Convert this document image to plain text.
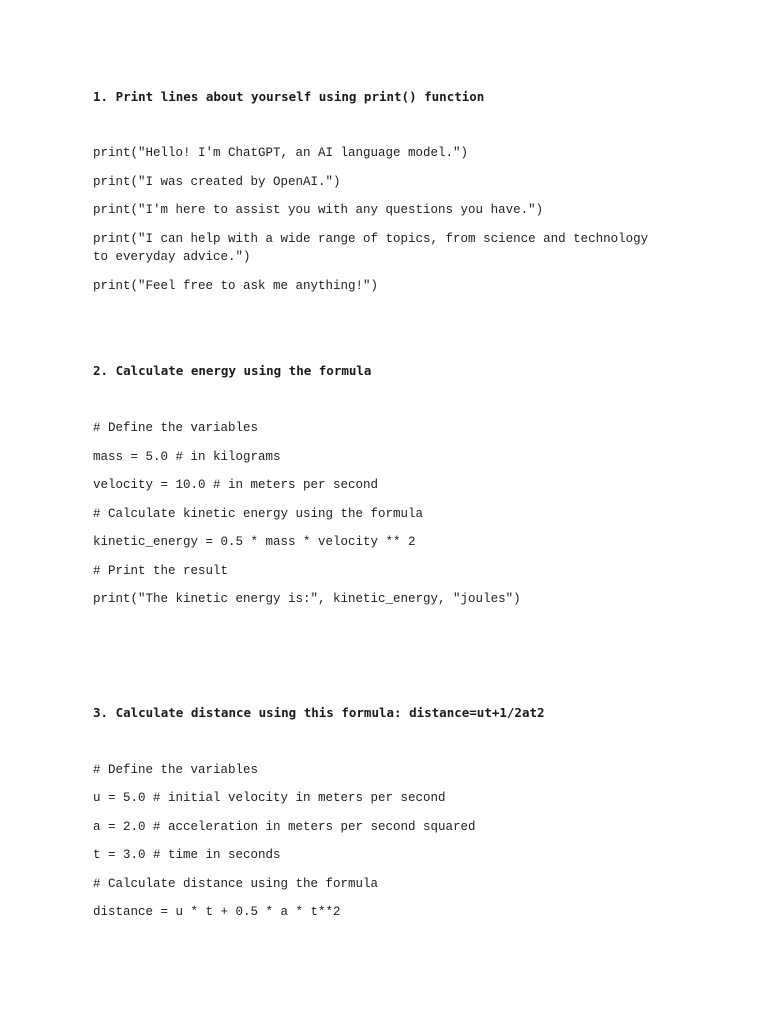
1. Print lines about yourself using print() function
print("Hello! I'm ChatGPT, an AI language model.")
print("I was created by OpenAI.")
print("I'm here to assist you with any questions you have.")
print("I can help with a wide range of topics, from science and technology to everyday advice.")
print("Feel free to ask me anything!")
2. Calculate energy using the formula
# Define the variables
mass = 5.0 # in kilograms
velocity = 10.0 # in meters per second
# Calculate kinetic energy using the formula
kinetic_energy = 0.5 * mass * velocity ** 2
# Print the result
print("The kinetic energy is:", kinetic_energy, "joules")
3. Calculate distance using this formula: distance=ut+1/2at2
# Define the variables
u = 5.0 # initial velocity in meters per second
a = 2.0 # acceleration in meters per second squared
t = 3.0 # time in seconds
# Calculate distance using the formula
distance = u * t + 0.5 * a * t**2
